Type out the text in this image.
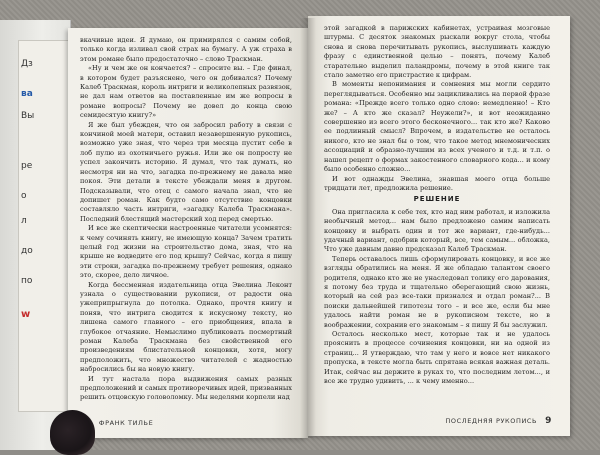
Дз
ва
Вы
ре
о
л
до
по
w

вкачивые идеи. Я думаю, он примирялся с самим собой, только когда изливал свой страх на бумагу. А уж страха в этом романе было предостаточно – слово Траскман.

«Ну и чем же он кончается? – спросите вы. – Где финал, в котором будет разъяснено, чего он добивался? Почему Калеб Траскман, король интриги и великолепных развязок, не дал нам ответов на поставленные им же вопросы в романе вопросы? Почему не довел до конца свою семидесятую книгу?»

Я же был убежден, что он забросил работу в связи с кончиной моей матери, оставил незавершенную рукопись, возможно уже зная, что через три месяца пустит себе в лоб пулю из охотничьего ружья. Или же он попросту не успел закончить историю. Я думал, что так думать, но несмотря ни на что, загадка по-прежнему не давала мне покоя. Эти детали в тексте убеждали меня в другом. Подсказывали, что отец с самого начала знал, что не допишет роман. Как будто само отсутствие концовки составляло часть интриги, «загадку Калеба Траскмана». Последний блестящий мастерский ход перед смертью.

И все же скептически настроенные читатели усомнятся: к чему сочинять книгу, не имеющую конца? Зачем тратить целый год жизни на строительство дома, зная, что на крыше не водведите его под крышу? Сейчас, когда я пишу эти строки, загадка по-прежнему требует решения, однако это, скорее, дело личное.

Когда бессменная издательница отца Эвелина Леконт узнала о существовании рукописи, от радости она ужеприпрыгнула до потолка. Однако, прочтя книгу и поняв, что интрига сводится к искусному тексту, но лишена самого главного – его приобщения, впала в глубокое отчаяние. Немыслимо публиковать посмертный роман Калеба Траскмана без свойственной его произведениям блистательной концовки, хотя, могу предположить, что множество читателей с жадностью набросились бы на новую книгу.

И тут настала пора выдвижения самых разных предположений и самых противоречивых идей, призванных решить отцовскую головоломку. Мы неделями корпели над

ФРАНК ТИЛЬЕ

этой загадкой в парижских кабинетах, устраивая мозговые штурмы. С десяток знакомых рыскали вокруг стола, чтобы снова и снова перечитывать рукопись, выслушивать каждую фразу с единственной целью – понять, почему Калеб старательно выделил паландромы, почему в этой книге так стало заметно его пристрастие к цифрам.

В моменты непонимания и сомнения мы могли сердито переглядываться. Особенно мы зацикливались на первой фразе романа: «Прежде всего только одно слово: немедленно! – Кто же? – А кто же сказал? Неужели?», и вот неожиданно совершенно из всего этого бесконечного... так кто же? Каково ее подлинный смысл? Впрочем, в издательстве не осталось никого, кто не знал бы о том, что такое метод мнемонических ассоциаций и образно-лучшим из всех ученого и т.д. и т.п. о нашел рецепт о формах закостенного словарного кода... и кому было особенно сложно...

И вот однажды Эвелина, знавшая моего отца больше тридцати лет, предложила решение.

РЕШЕНИЕ

Она пригласила к себе тех, кто над ним работал, и изложила необычный метод... нам было предложено самим написать концовку и выбрать один и тот же вариант, где-нибудь... удачный вариант, одобрив который, все, тем самым... обложка, Что уже давным давно предсказал Калеб Траскман.

Теперь оставалось лишь сформулировать концовку, и все же взгляды обратились на меня. Я же обладаю талантом своего родителя, однако кто же не унаследовал толику его дарования, я потому без труда и тщательно оберегающий свою жизнь, который на сей раз все-таки признался и отдал роман?... В поиски дальнейшей гипотезы того – и все же, если бы мне удалось найти роман не в рукописном тексте, но в воображении, сохранив его знакомым – я пишу Я бы заслужил.

Осталось несколько мест, которые так и не удалось прояснить в процессе сочинения концовки, ни на одной из страниц... Я утверждаю, что там у него и вовсе нет никакого пропуска, в тексте могла быть спрятана всякая важная деталь. Итак, сейчас вы держите в руках то, что последним летом..., и все же трудно удивить, ... к чему именно...

ПОСЛЕДНЯЯ РУКОПИСЬ 9
